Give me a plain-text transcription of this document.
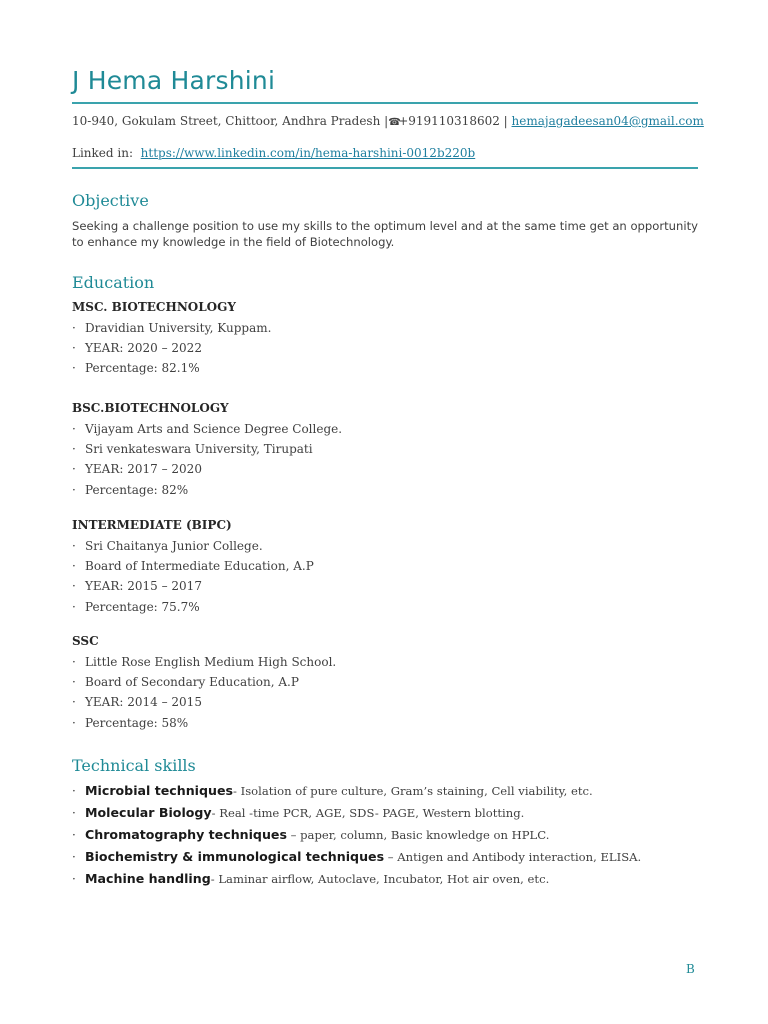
J Hema Harshini
10-940, Gokulam Street, Chittoor, Andhra Pradesh |☎+919110318602 | hemajagadeesan04@gmail.com
Linked in: https://www.linkedin.com/in/hema-harshini-0012b220b
Objective
Seeking a challenge position to use my skills to the optimum level and at the same time get an opportunity to enhance my knowledge in the field of Biotechnology.
Education
MSC. BIOTECHNOLOGY
· Dravidian University, Kuppam.
· YEAR: 2020 – 2022
· Percentage: 82.1%
BSC.BIOTECHNOLOGY
· Vijayam Arts and Science Degree College.
· Sri venkateswara University, Tirupati
· YEAR: 2017 – 2020
· Percentage: 82%
INTERMEDIATE (BIPC)
· Sri Chaitanya Junior College.
· Board of Intermediate Education, A.P
· YEAR: 2015 – 2017
· Percentage: 75.7%
SSC
· Little Rose English Medium High School.
· Board of Secondary Education, A.P
· YEAR: 2014 – 2015
· Percentage: 58%
Technical skills
· Microbial techniques- Isolation of pure culture, Gram’s staining, Cell viability, etc.
· Molecular Biology- Real -time PCR, AGE, SDS- PAGE, Western blotting.
· Chromatography techniques – paper, column, Basic knowledge on HPLC.
· Biochemistry & immunological techniques – Antigen and Antibody interaction, ELISA.
· Machine handling- Laminar airflow, Autoclave, Incubator, Hot air oven, etc.
B
